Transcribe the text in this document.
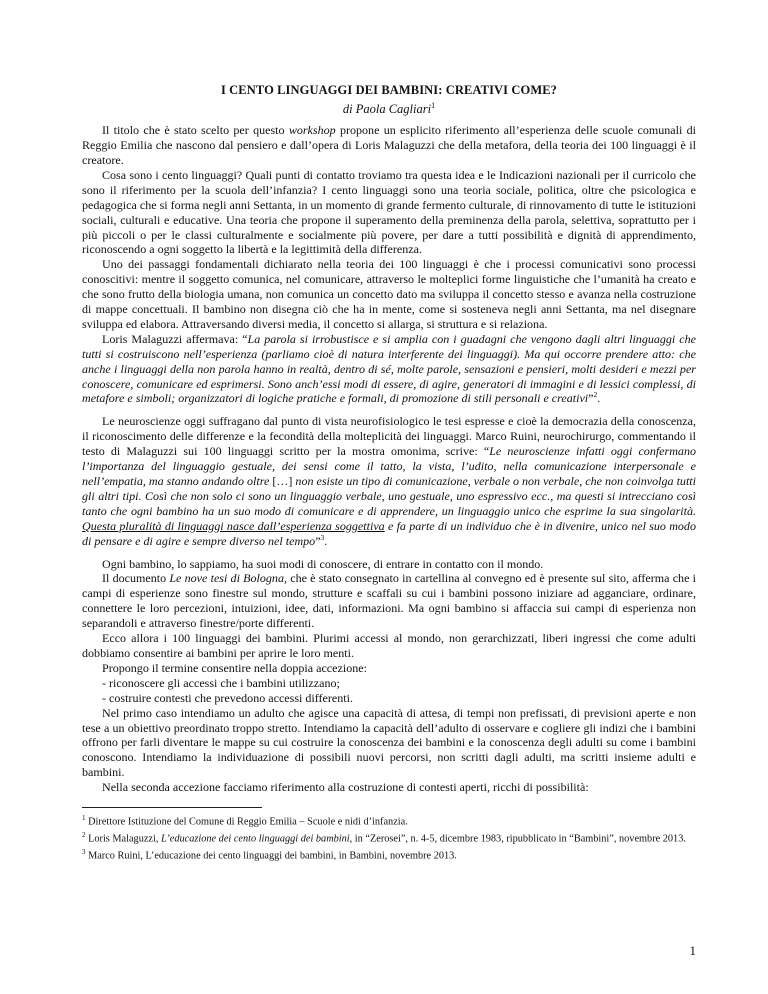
I CENTO LINGUAGGI DEI BAMBINI: CREATIVI COME?
di Paola Cagliari$^1$

Il titolo che è stato scelto per questo workshop propone un esplicito riferimento all’esperienza delle scuole comunali di Reggio Emilia che nascono dal pensiero e dall’opera di Loris Malaguzzi che della metafora, della teoria dei 100 linguaggi è il creatore.

Cosa sono i cento linguaggi? Quali punti di contatto troviamo tra questa idea e le Indicazioni nazionali per il curricolo che sono il riferimento per la scuola dell’infanzia? I cento linguaggi sono una teoria sociale, politica, oltre che psicologica e pedagogica che si forma negli anni Settanta, in un momento di grande fermento culturale, di rinnovamento di tutte le istituzioni sociali, culturali e educative. Una teoria che propone il superamento della preminenza della parola, selettiva, soprattutto per i più piccoli o per le classi culturalmente e socialmente più povere, per dare a tutti possibilità e dignità di apprendimento, riconoscendo a ogni soggetto la libertà e la legittimità della differenza.

Uno dei passaggi fondamentali dichiarato nella teoria dei 100 linguaggi è che i processi comunicativi sono processi conoscitivi: mentre il soggetto comunica, nel comunicare, attraverso le molteplici forme linguistiche che l’umanità ha creato e che sono frutto della biologia umana, non comunica un concetto dato ma sviluppa il concetto stesso e avanza nella costruzione di mappe concettuali. Il bambino non disegna ciò che ha in mente, come si sosteneva negli anni Settanta, ma nel disegnare sviluppa ed elabora. Attraversando diversi media, il concetto si allarga, si struttura e si relaziona.

Loris Malaguzzi affermava: “La parola si irrobustisce e si amplia con i guadagni che vengono dagli altri linguaggi che tutti si costruiscono nell’esperienza (parliamo cioè di natura interferente dei linguaggi). Ma qui occorre prendere atto: che anche i linguaggi della non parola hanno in realtà, dentro di sé, molte parole, sensazioni e pensieri, molti desideri e mezzi per conoscere, comunicare ed esprimersi. Sono anch’essi modi di essere, di agire, generatori di immagini e di lessici complessi, di metafore e simboli; organizzatori di logiche pratiche e formali, di promozione di stili personali e creativi”$^2$.

Le neuroscienze oggi suffragano dal punto di vista neurofisiologico le tesi espresse e cioè la democrazia della conoscenza, il riconoscimento delle differenze e la fecondità della molteplicità dei linguaggi. Marco Ruini, neurochirurgo, commentando il testo di Malaguzzi sui 100 linguaggi scritto per la mostra omonima, scrive: “Le neuroscienze infatti oggi confermano l’importanza del linguaggio gestuale, dei sensi come il tatto, la vista, l’udito, nella comunicazione interpersonale e nell’empatia, ma stanno andando oltre […] non esiste un tipo di comunicazione, verbale o non verbale, che non coinvolga tutti gli altri tipi. Così che non solo ci sono un linguaggio verbale, uno gestuale, uno espressivo ecc., ma questi si intrecciano così tanto che ogni bambino ha un suo modo di comunicare e di apprendere, un linguaggio unico che esprime la sua singolarità. Questa pluralità di linguaggi nasce dall’esperienza soggettiva e fa parte di un individuo che è in divenire, unico nel suo modo di pensare e di agire e sempre diverso nel tempo”$^3$.

Ogni bambino, lo sappiamo, ha suoi modi di conoscere, di entrare in contatto con il mondo.

Il documento Le nove tesi di Bologna, che è stato consegnato in cartellina al convegno ed è presente sul sito, afferma che i campi di esperienze sono finestre sul mondo, strutture e scaffali su cui i bambini possono iniziare ad agganciare, ordinare, connettere le loro percezioni, intuizioni, idee, dati, informazioni. Ma ogni bambino si affaccia sui campi di esperienza non separandoli e attraverso finestre/porte differenti.

Ecco allora i 100 linguaggi dei bambini. Plurimi accessi al mondo, non gerarchizzati, liberi ingressi che come adulti dobbiamo consentire ai bambini per aprire le loro menti.

Propongo il termine consentire nella doppia accezione:

- riconoscere gli accessi che i bambini utilizzano;

- costruire contesti che prevedono accessi differenti.

Nel primo caso intendiamo un adulto che agisce una capacità di attesa, di tempi non prefissati, di previsioni aperte e non tese a un obiettivo preordinato troppo stretto. Intendiamo la capacità dell’adulto di osservare e cogliere gli indizi che i bambini offrono per farli diventare le mappe su cui costruire la conoscenza dei bambini e la conoscenza degli adulti su come i bambini conoscono. Intendiamo la individuazione di possibili nuovi percorsi, non scritti dagli adulti, ma scritti insieme adulti e bambini.

Nella seconda accezione facciamo riferimento alla costruzione di contesti aperti, ricchi di possibilità:

$^1$ Direttore Istituzione del Comune di Reggio Emilia – Scuole e nidi d’infanzia.
$^2$ Loris Malaguzzi, L’educazione dei cento linguaggi dei bambini, in “Zerosei”, n. 4-5, dicembre 1983, ripubblicato in “Bambini”, novembre 2013.
$^3$ Marco Ruini, L’educazione dei cento linguaggi dei bambini, in Bambini, novembre 2013.
1
